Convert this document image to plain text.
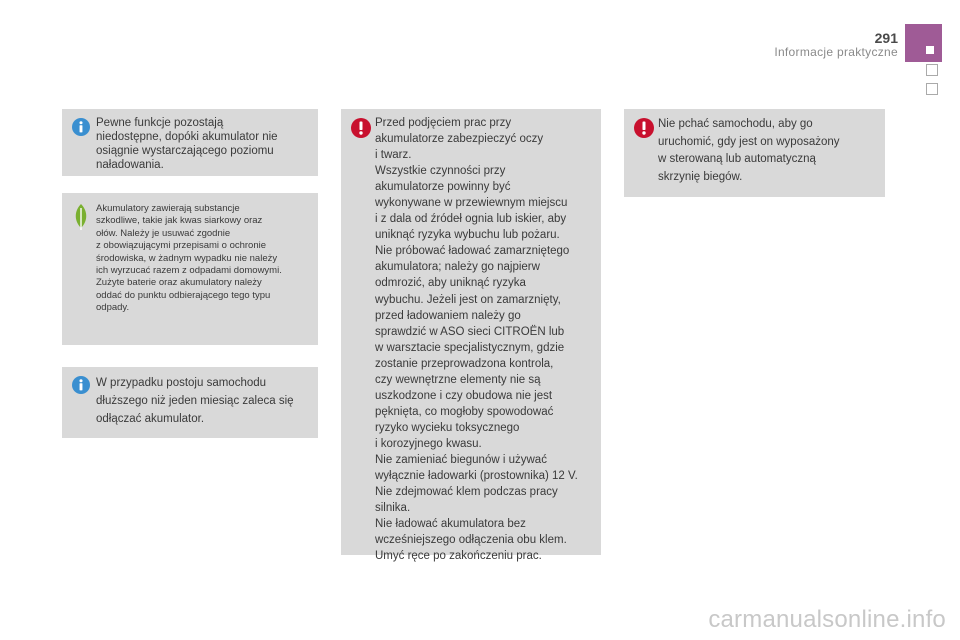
291
Informacje praktyczne
Pewne funkcje pozostają
niedostępne, dopóki akumulator nie
osiągnie wystarczającego poziomu
naładowania.
Akumulatory zawierają substancje
szkodliwe, takie jak kwas siarkowy oraz
ołów. Należy je usuwać zgodnie
z obowiązującymi przepisami o ochronie
środowiska, w żadnym wypadku nie należy
ich wyrzucać razem z odpadami domowymi.
Zużyte baterie oraz akumulatory należy
oddać do punktu odbierającego tego typu
odpady.
W przypadku postoju samochodu
dłuższego niż jeden miesiąc zaleca się
odłączać akumulator.
Przed podjęciem prac przy
akumulatorze zabezpieczyć oczy
i twarz.
Wszystkie czynności przy
akumulatorze powinny być
wykonywane w przewiewnym miejscu
i z dala od źródeł ognia lub iskier, aby
uniknąć ryzyka wybuchu lub pożaru.
Nie próbować ładować zamarzniętego
akumulatora; należy go najpierw
odmrozić, aby uniknąć ryzyka
wybuchu. Jeżeli jest on zamarznięty,
przed ładowaniem należy go
sprawdzić w ASO sieci CITROËN lub
w warsztacie specjalistycznym, gdzie
zostanie przeprowadzona kontrola,
czy wewnętrzne elementy nie są
uszkodzone i czy obudowa nie jest
pęknięta, co mogłoby spowodować
ryzyko wycieku toksycznego
i korozyjnego kwasu.
Nie zamieniać biegunów i używać
wyłącznie ładowarki (prostownika) 12 V.
Nie zdejmować klem podczas pracy
silnika.
Nie ładować akumulatora bez
wcześniejszego odłączenia obu klem.
Umyć ręce po zakończeniu prac.
Nie pchać samochodu, aby go
uruchomić, gdy jest on wyposażony
w sterowaną lub automatyczną
skrzynię biegów.
carmanualsonline.info
